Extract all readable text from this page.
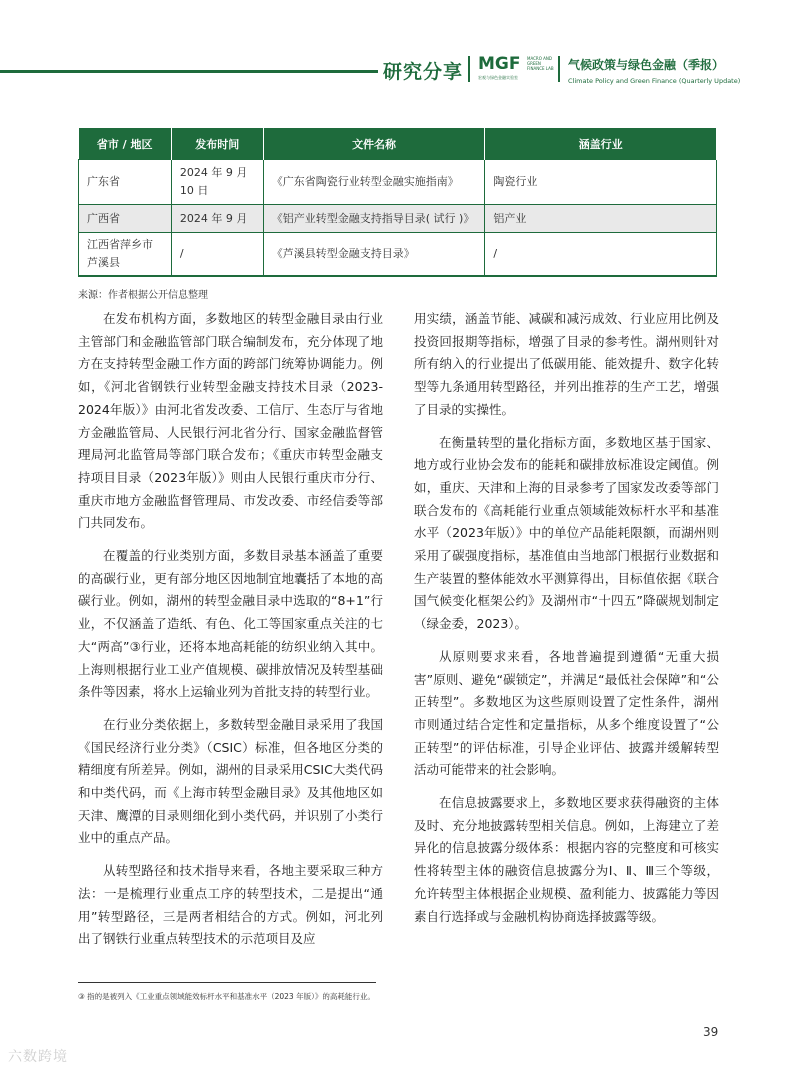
研究分享 MGF MACRO AND GREEN FINANCE LAB
宏观与绿色金融实验室
气候政策与绿色金融（季报）
Climate Policy and Green Finance (Quarterly Update)
省市 / 地区	发布时间	文件名称	涵盖行业
广东省	2024 年 9 月 10 日	《广东省陶瓷行业转型金融实施指南》	陶瓷行业
广西省	2024 年 9 月	《铝产业转型金融支持指导目录( 试行 )》	铝产业
江西省萍乡市芦溪县	/	《芦溪县转型金融支持目录》	/
来源：作者根据公开信息整理

在发布机构方面，多数地区的转型金融目录由行业主管部门和金融监管部门联合编制发布，充分体现了地方在支持转型金融工作方面的跨部门统筹协调能力。例如，《河北省钢铁行业转型金融支持技术目录（2023-2024年版）》由河北省发改委、工信厅、生态厅与省地方金融监管局、人民银行河北省分行、国家金融监督管理局河北监管局等部门联合发布；《重庆市转型金融支持项目目录（2023年版）》则由人民银行重庆市分行、重庆市地方金融监督管理局、市发改委、市经信委等部门共同发布。

在覆盖的行业类别方面，多数目录基本涵盖了重要的高碳行业，更有部分地区因地制宜地囊括了本地的高碳行业。例如，湖州的转型金融目录中选取的“8+1”行业，不仅涵盖了造纸、有色、化工等国家重点关注的七大“两高”③行业，还将本地高耗能的纺织业纳入其中。上海则根据行业工业产值规模、碳排放情况及转型基础条件等因素，将水上运输业列为首批支持的转型行业。

在行业分类依据上，多数转型金融目录采用了我国《国民经济行业分类》（CSIC）标准，但各地区分类的精细度有所差异。例如，湖州的目录采用CSIC大类代码和中类代码，而《上海市转型金融目录》及其他地区如天津、鹰潭的目录则细化到小类代码，并识别了小类行业中的重点产品。

从转型路径和技术指导来看，各地主要采取三种方法：一是梳理行业重点工序的转型技术，二是提出“通用”转型路径，三是两者相结合的方式。例如，河北列出了钢铁行业重点转型技术的示范项目及应

用实绩，涵盖节能、减碳和减污成效、行业应用比例及投资回报期等指标，增强了目录的参考性。湖州则针对所有纳入的行业提出了低碳用能、能效提升、数字化转型等九条通用转型路径，并列出推荐的生产工艺，增强了目录的实操性。

在衡量转型的量化指标方面，多数地区基于国家、地方或行业协会发布的能耗和碳排放标准设定阈值。例如，重庆、天津和上海的目录参考了国家发改委等部门联合发布的《高耗能行业重点领域能效标杆水平和基准水平（2023年版）》中的单位产品能耗限额，而湖州则采用了碳强度指标，基准值由当地部门根据行业数据和生产装置的整体能效水平测算得出，目标值依据《联合国气候变化框架公约》及湖州市“十四五”降碳规划制定（绿金委，2023）。

从原则要求来看，各地普遍提到遵循“无重大损害”原则、避免“碳锁定”，并满足“最低社会保障”和“公正转型”。多数地区为这些原则设置了定性条件，湖州市则通过结合定性和定量指标，从多个维度设置了“公正转型”的评估标准，引导企业评估、披露并缓解转型活动可能带来的社会影响。

在信息披露要求上，多数地区要求获得融资的主体及时、充分地披露转型相关信息。例如，上海建立了差异化的信息披露分级体系：根据内容的完整度和可核实性将转型主体的融资信息披露分为Ⅰ、Ⅱ、Ⅲ三个等级，允许转型主体根据企业规模、盈利能力、披露能力等因素自行选择或与金融机构协商选择披露等级。

③ 指的是被列入《工业重点领域能效标杆水平和基准水平（2023 年版）》的高耗能行业。
39
六数跨境
